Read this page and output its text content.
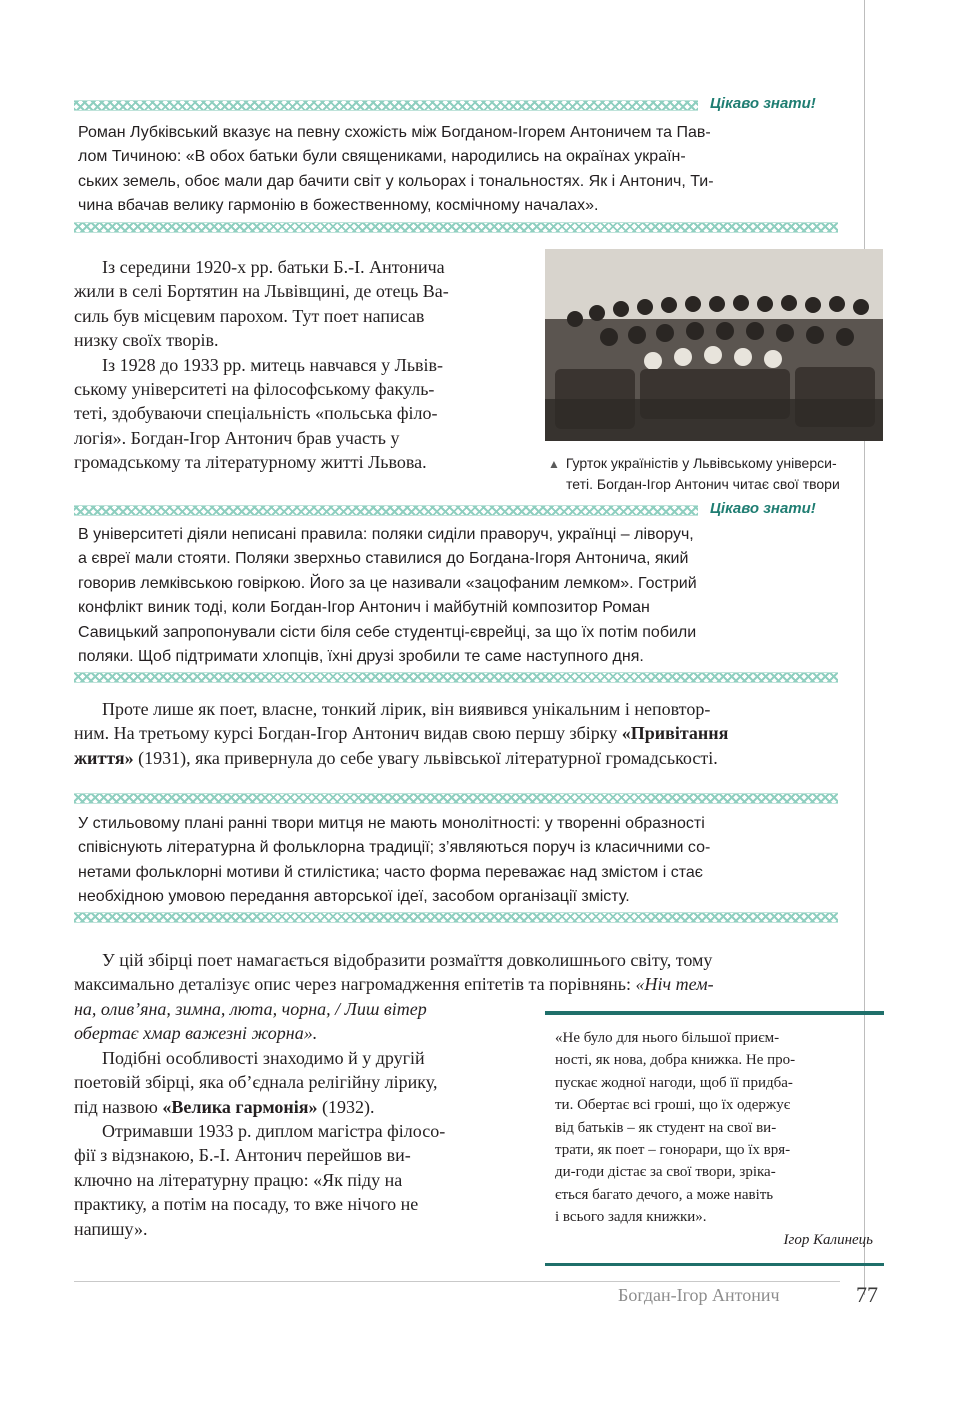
Цікаво знати!

Роман Лубківський вказує на певну схожість між Богданом-Ігорем Антоничем та Пав-

лом Тичиною: «В обох батьки були священиками, народились на окраїнах україн-

ських земель, обоє мали дар бачити світ у кольорах і тональностях. Як і Антонич, Ти-

чина вбачав велику гармонію в божественному, космічному началах».

Із середини 1920-х рр. батьки Б.-І. Антонича

жили в селі Бортятин на Львівщині, де отець Ва-

силь був місцевим парохом. Тут поет написав

низку своїх творів.

Із 1928 до 1933 рр. митець навчався у Львів-

ському університеті на філософському факуль-

теті, здобуваючи спеціальність «польська філо-

логія». Богдан-Ігор Антонич брав участь у

громадському та літературному житті Львова.	▲ Гурток україністів у Львівському універси-
теті. Богдан-Ігор Антонич читає свої твори
Цікаво знати!

В університеті діяли неписані правила: поляки сиділи праворуч, українці – ліворуч,

а євреї мали стояти. Поляки зверхньо ставилися до Богдана-Ігоря Антонича, який

говорив лемківською говіркою. Його за це називали «зацофаним лемком». Гострий

конфлікт виник тоді, коли Богдан-Ігор Антонич і майбутній композитор Роман

Савицький запропонували сісти біля себе студентці-єврейці, за що їх потім побили

поляки. Щоб підтримати хлопців, їхні друзі зробили те саме наступного дня.

Проте лише як поет, власне, тонкий лірик, він виявився унікальним і неповтор-

ним. На третьому курсі Богдан-Ігор Антонич видав свою першу збірку «Привітання

життя» (1931), яка привернула до себе увагу львівської літературної громадськості.

У стильовому плані ранні твори митця не мають монолітності: у творенні образності

співіснують літературна й фольклорна традиції; з’являються поруч із класичними со-

нетами фольклорні мотиви й стилістика; часто форма переважає над змістом і стає

необхідною умовою передання авторської ідеї, засобом організації змісту.

У цій збірці поет намагається відобразити розмаїття довколишнього світу, тому

максимально деталізує опис через нагромадження епітетів та порівнянь: «Ніч тем-

на, олив’яна, зимна, люта, чорна, / Лиш вітер

обертає хмар важезні жорна».

Подібні особливості знаходимо й у другій

поетовій збірці, яка об’єднала релігійну лірику,

під назвою «Велика гармонія» (1932).

Отримавши 1933 р. диплом магістра філосо-

фії з відзнакою, Б.-І. Антонич перейшов ви-

ключно на літературну працю: «Як піду на

практику, а потім на посаду, то вже нічого не

напишу».

«Не було для нього більшої приєм-
ності, як нова, добра книжка. Не про-
пускає жодної нагоди, щоб її придба-
ти. Обертає всі гроші, що їх одержує
від батьків – як студент на свої ви-
трати, як поет – гонорари, що їх вря-
ди-годи дістає за свої твори, зріка-
ється багато дечого, а може навіть
і всього задля книжки».
Ігор Калинець
Богдан-Ігор Антонич	77
